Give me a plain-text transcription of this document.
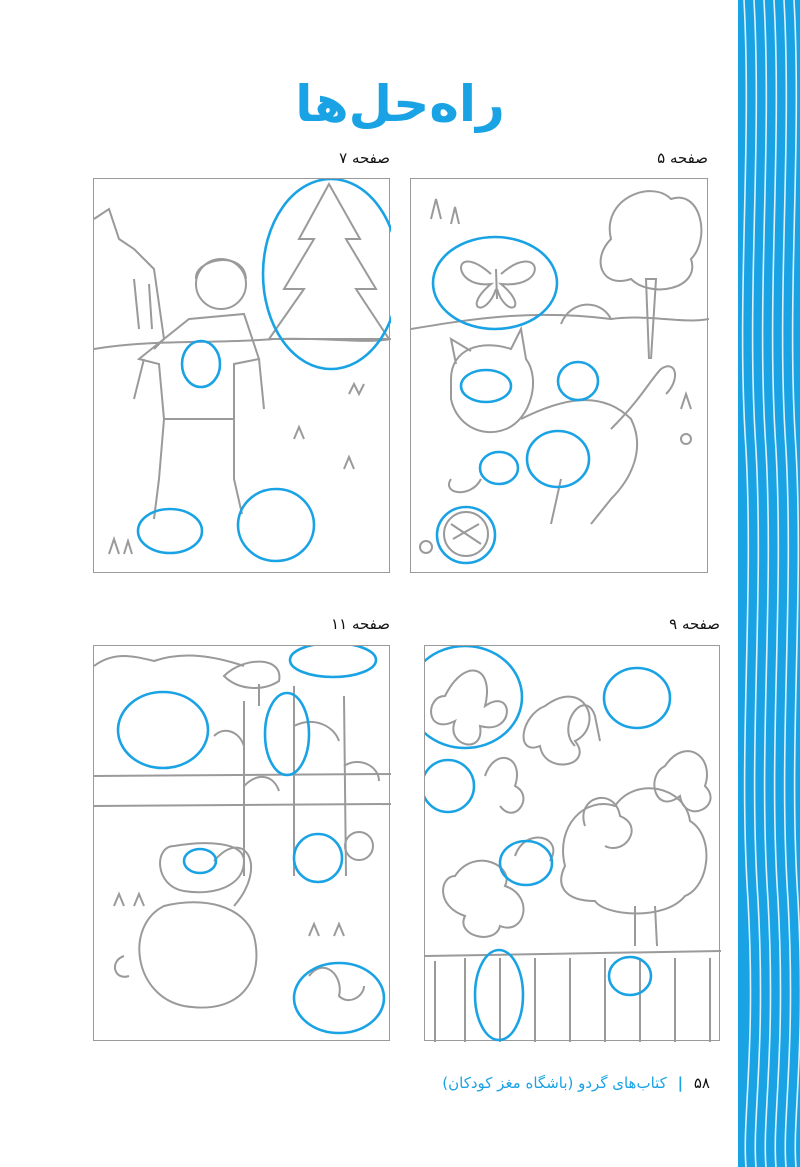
راه‌حل‌ها
صفحه ۵
صفحه ۷
صفحه ۹
صفحه ۱۱
۵۸ | کتاب‌های گردو (باشگاه مغز کودکان)
